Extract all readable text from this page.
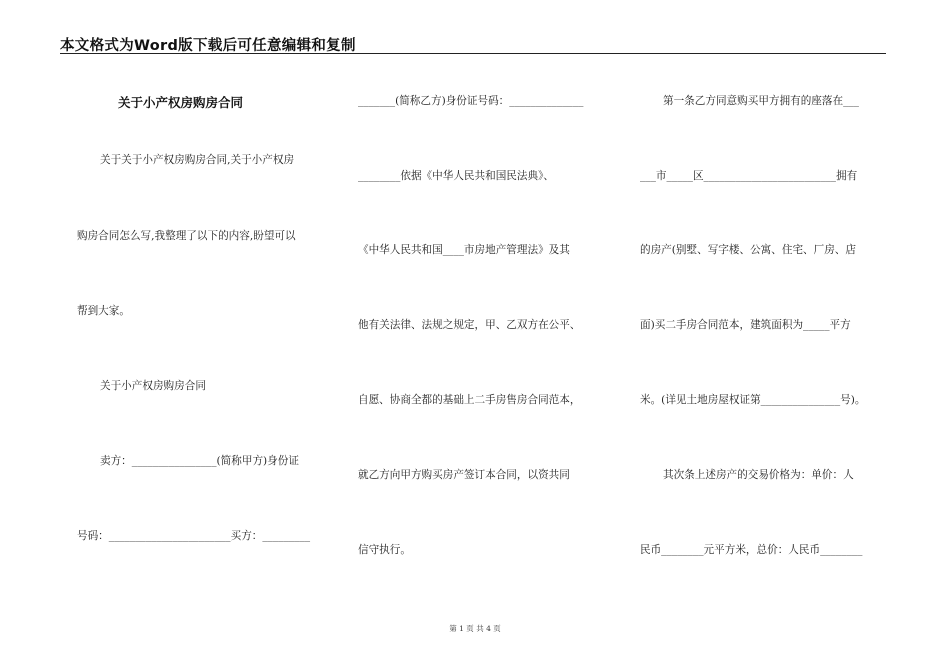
本文格式为Word版下载后可任意编辑和复制
关于小产权房购房合同
关于关于小产权房购房合同,关于小产权房
购房合同怎么写,我整理了以下的内容,盼望可以
帮到大家。
关于小产权房购房合同
卖方：________________(简称甲方)身份证
号码：_______________________买方：_________
_______(简称乙方)身份证号码：______________
________依据《中华人民共和国民法典》、
《中华人民共和国____市房地产管理法》及其
他有关法律、法规之规定，甲、乙双方在公平、
自愿、协商全都的基础上二手房售房合同范本，
就乙方向甲方购买房产签订本合同，以资共同
信守执行。
第一条乙方同意购买甲方拥有的座落在___
___市_____区_________________________拥有
的房产(别墅、写字楼、公寓、住宅、厂房、店
面)买二手房合同范本，建筑面积为_____平方
米。(详见土地房屋权证第_______________号)。
其次条上述房产的交易价格为：单价：人
民币________元平方米，总价：人民币________
第 1 页 共 4 页
